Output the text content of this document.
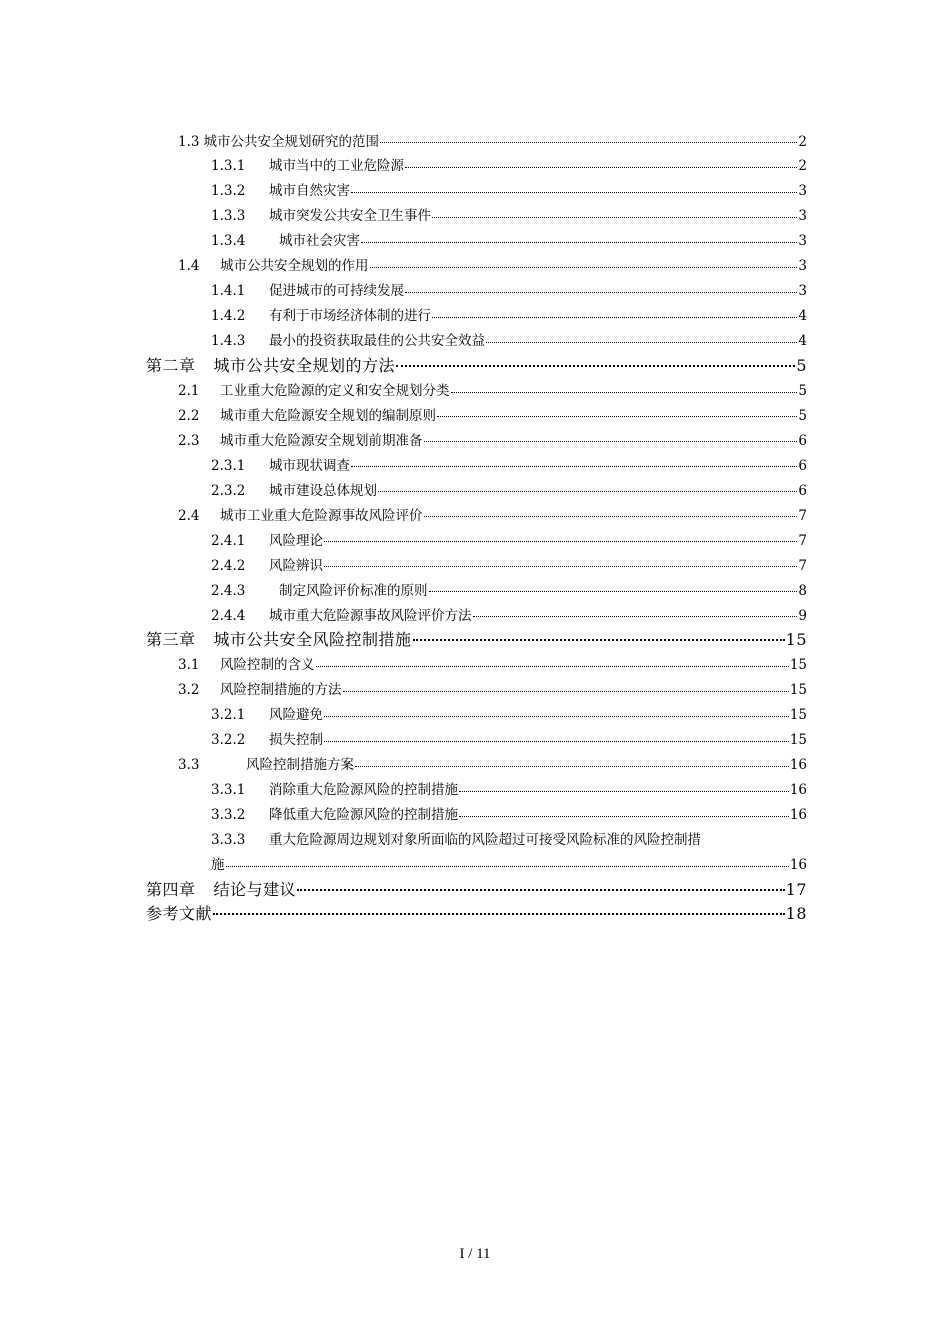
1.3 城市公共安全规划研究的范围	2
1.3.1	城市当中的工业危险源	2
1.3.2	城市自然灾害	3
1.3.3	城市突发公共安全卫生事件	3
1.3.4	城市社会灾害	3
1.4	城市公共安全规划的作用	3
1.4.1	促进城市的可持续发展	3
1.4.2	有利于市场经济体制的进行	4
1.4.3	最小的投资获取最佳的公共安全效益	4
第二章 城市公共安全规划的方法	5
2.1	工业重大危险源的定义和安全规划分类	5
2.2	城市重大危险源安全规划的编制原则	5
2.3	城市重大危险源安全规划前期准备	6
2.3.1	城市现状调查	6
2.3.2	城市建设总体规划	6
2.4	城市工业重大危险源事故风险评价	7
2.4.1	风险理论	7
2.4.2	风险辨识	7
2.4.3	制定风险评价标准的原则	8
2.4.4	城市重大危险源事故风险评价方法	9
第三章 城市公共安全风险控制措施	15
3.1	风险控制的含义	15
3.2	风险控制措施的方法	15
3.2.1	风险避免	15
3.2.2	损失控制	15
3.3	风险控制措施方案	16
3.3.1	消除重大危险源风险的控制措施	16
3.3.2	降低重大危险源风险的控制措施	16
3.3.3	重大危险源周边规划对象所面临的风险超过可接受风险标准的风险控制措
施	16
第四章 结论与建议	17
参考文献	18
I / 11
